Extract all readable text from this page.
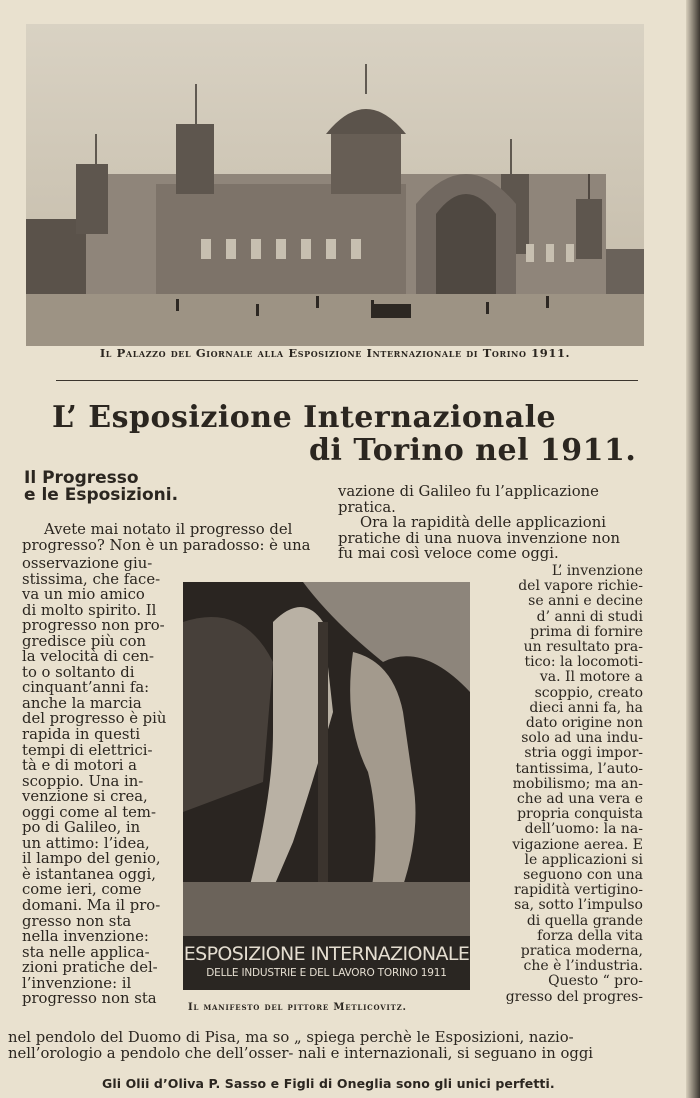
Il Palazzo del Giornale alla Esposizione Internazionale di Torino 1911.
L’ Esposizione Internazionale
di Torino nel 1911.
Il Progresso
e le Esposizioni.
Avete mai notato il progresso del
progresso? Non è un paradosso: è una
osservazione giu-
stissima, che face-
va un mio amico
di molto spirito. Il
progresso non pro-
gredisce più con
la velocità di cen-
to o soltanto di
cinquant’anni fa:
anche la marcia
del progresso è più
rapida in questi
tempi di elettrici-
tà e di motori a
scoppio. Una in-
venzione si crea,
oggi come al tem-
po di Galileo, in
un attimo: l’idea,
il lampo del genio,
è istantanea oggi,
come ieri, come
domani. Ma il pro-
gresso non sta
nella invenzione:
sta nelle applica-
zioni pratiche del-
l’invenzione: il
progresso non sta
vazione di Galileo fu l’applicazione
pratica.
Ora la rapidità delle applicazioni
pratiche di una nuova invenzione non
fu mai così veloce come oggi.
ESPOSIZIONE INTERNAZIONALE
DELLE INDUSTRIE E DEL LAVORO TORINO 1911
Il manifesto del pittore Metlicovitz.
L’ invenzione
del vapore richie-
se anni e decine
d’ anni di studi
prima di fornire
un resultato pra-
tico: la locomoti-
va. Il motore a
scoppio, creato
dieci anni fa, ha
dato origine non
solo ad una indu-
stria oggi impor-
tantissima, l’auto-
mobilismo; ma an-
che ad una vera e
propria conquista
dell’uomo: la na-
vigazione aerea. E
le applicazioni si
seguono con una
rapidità vertigino-
sa, sotto l’impulso
di quella grande
forza della vita
pratica moderna,
che è l’industria.
Questo “ pro-
gresso del progres-
nel pendolo del Duomo di Pisa, ma so „ spiega perchè le Esposizioni, nazio-
nell’orologio a pendolo che dell’osser- nali e internazionali, si seguano in oggi
Gli Olii d’Oliva P. Sasso e Figli di Oneglia sono gli unici perfetti.
